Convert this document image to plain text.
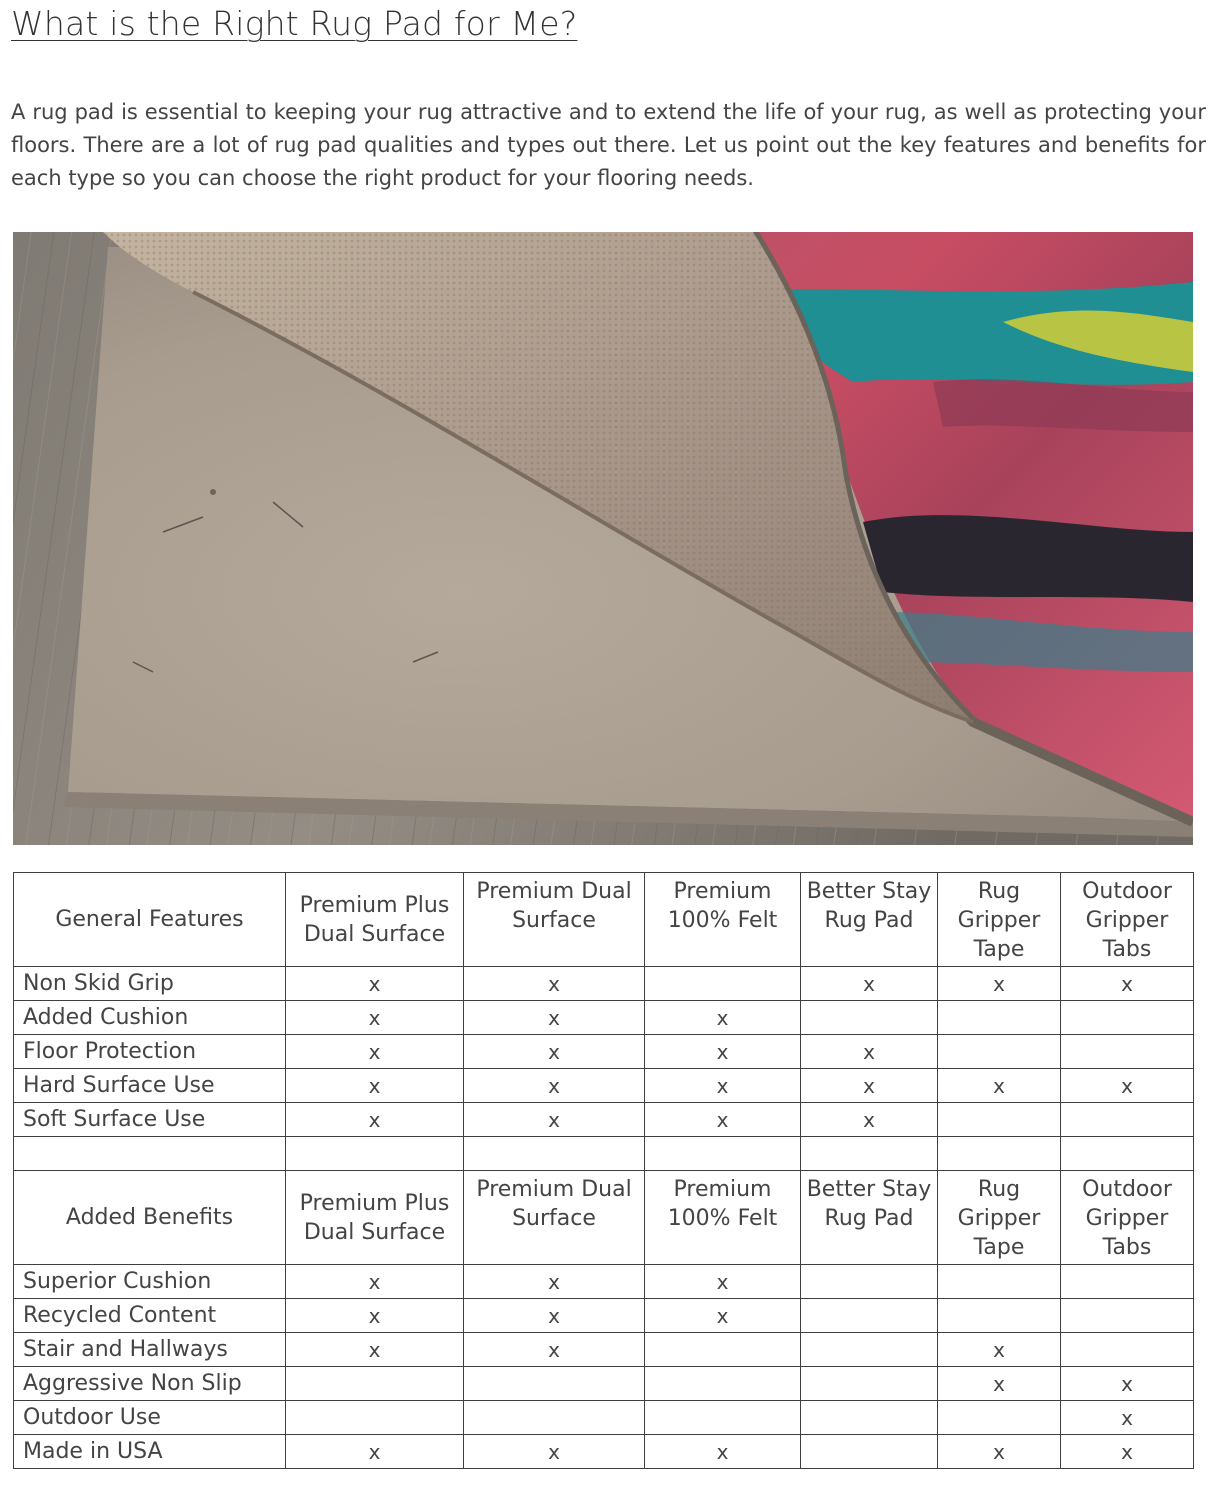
What is the Right Rug Pad for Me?

A rug pad is essential to keeping your rug attractive and to extend the life of your rug, as well as protecting your floors. There are a lot of rug pad qualities and types out there. Let us point out the key features and benefits for each type so you can choose the right product for your flooring needs.

General Features	Premium Plus Dual Surface	Premium Dual Surface	Premium 100% Felt	Better Stay Rug Pad	Rug Gripper Tape	Outdoor Gripper Tabs
Non Skid Grip	x	x		x	x	x
Added Cushion	x	x	x			
Floor Protection	x	x	x	x		
Hard Surface Use	x	x	x	x	x	x
Soft Surface Use	x	x	x	x		

Added Benefits	Premium Plus Dual Surface	Premium Dual Surface	Premium 100% Felt	Better Stay Rug Pad	Rug Gripper Tape	Outdoor Gripper Tabs
Superior Cushion	x	x	x			
Recycled Content	x	x	x			
Stair and Hallways	x	x			x	
Aggressive Non Slip					x	x
Outdoor Use						x
Made in USA	x	x	x		x	x
